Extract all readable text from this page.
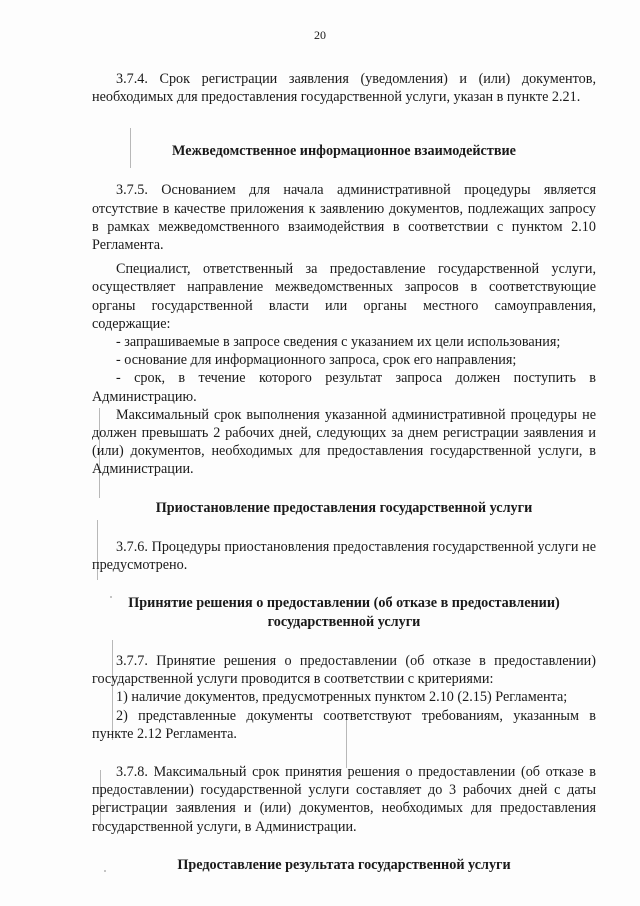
20

3.7.4. Срок регистрации заявления (уведомления) и (или) документов, необходимых для предоставления государственной услуги, указан в пункте 2.21.

Межведомственное информационное взаимодействие

3.7.5. Основанием для начала административной процедуры является отсутствие в качестве приложения к заявлению документов, подлежащих запросу в рамках межведомственного взаимодействия в соответствии с пунктом 2.10 Регламента.

Специалист, ответственный за предоставление государственной услуги, осуществляет направление межведомственных запросов в соответствующие органы государственной власти или органы местного самоуправления, содержащие:

- запрашиваемые в запросе сведения с указанием их цели использования;

- основание для информационного запроса, срок его направления;

- срок, в течение которого результат запроса должен поступить в Администрацию.

Максимальный срок выполнения указанной административной процедуры не должен превышать 2 рабочих дней, следующих за днем регистрации заявления и (или) документов, необходимых для предоставления государственной услуги, в Администрации.

Приостановление предоставления государственной услуги

3.7.6. Процедуры приостановления предоставления государственной услуги не предусмотрено.

Принятие решения о предоставлении (об отказе в предоставлении)
государственной услуги

3.7.7. Принятие решения о предоставлении (об отказе в предоставлении) государственной услуги проводится в соответствии с критериями:

1) наличие документов, предусмотренных пунктом 2.10 (2.15) Регламента;

2) представленные документы соответствуют требованиям, указанным в пункте 2.12 Регламента.

3.7.8. Максимальный срок принятия решения о предоставлении (об отказе в предоставлении) государственной услуги составляет до 3 рабочих дней с даты регистрации заявления и (или) документов, необходимых для предоставления государственной услуги, в Администрации.

Предоставление результата государственной услуги
